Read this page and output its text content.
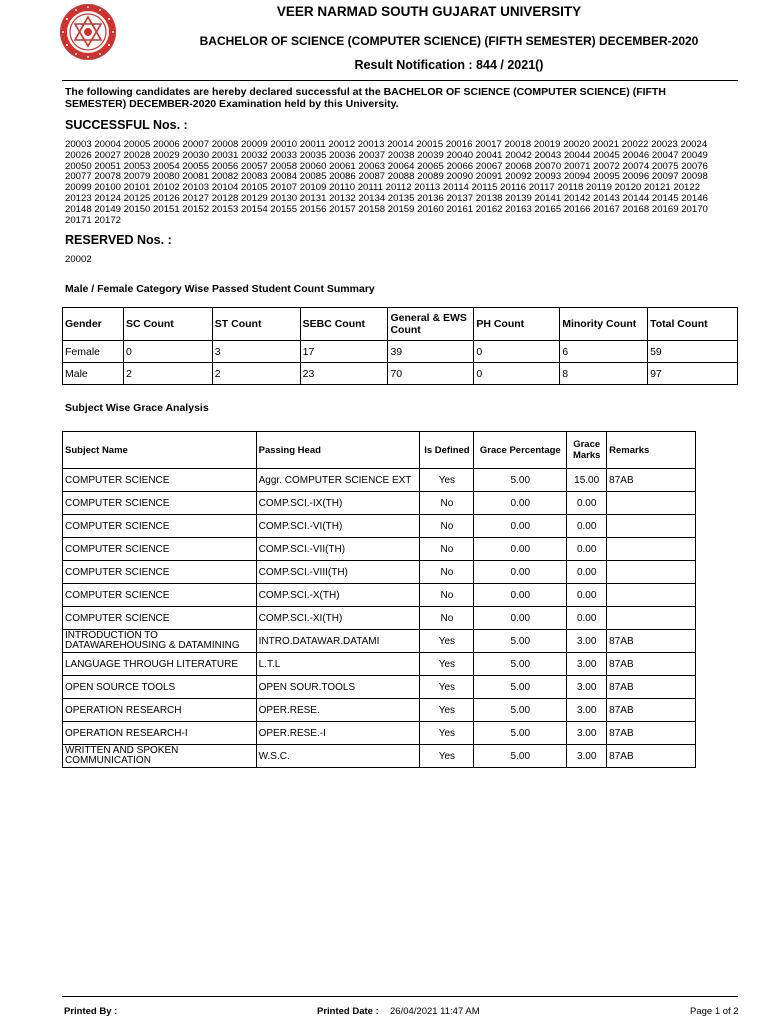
VEER NARMAD SOUTH GUJARAT UNIVERSITY
BACHELOR OF SCIENCE (COMPUTER SCIENCE) (FIFTH SEMESTER) DECEMBER-2020
Result Notification : 844 / 2021()
The following candidates are hereby declared successful at the BACHELOR OF SCIENCE (COMPUTER SCIENCE) (FIFTH SEMESTER) DECEMBER-2020 Examination held by this University.
SUCCESSFUL Nos. :
20003 20004 20005 20006 20007 20008 20009 20010 20011 20012 20013 20014 20015 20016 20017 20018 20019 20020 20021 20022 20023 20024 20026 20027 20028 20029 20030 20031 20032 20033 20035 20036 20037 20038 20039 20040 20041 20042 20043 20044 20045 20046 20047 20049 20050 20051 20053 20054 20055 20056 20057 20058 20060 20061 20063 20064 20065 20066 20067 20068 20070 20071 20072 20074 20075 20076 20077 20078 20079 20080 20081 20082 20083 20084 20085 20086 20087 20088 20089 20090 20091 20092 20093 20094 20095 20096 20097 20098 20099 20100 20101 20102 20103 20104 20105 20107 20109 20110 20111 20112 20113 20114 20115 20116 20117 20118 20119 20120 20121 20122 20123 20124 20125 20126 20127 20128 20129 20130 20131 20132 20134 20135 20136 20137 20138 20139 20141 20142 20143 20144 20145 20146 20148 20149 20150 20151 20152 20153 20154 20155 20156 20157 20158 20159 20160 20161 20162 20163 20165 20166 20167 20168 20169 20170 20171 20172
RESERVED Nos. :
20002
Male / Female Category Wise Passed Student Count Summary
Gender	SC Count	ST Count	SEBC Count	General & EWS Count	PH Count	Minority Count	Total Count
Female	0	3	17	39	0	6	59
Male	2	2	23	70	0	8	97
Subject Wise Grace Analysis
Subject Name	Passing Head	Is Defined	Grace Percentage	Grace Marks	Remarks
COMPUTER SCIENCE	Aggr. COMPUTER SCIENCE EXT	Yes	5.00	15.00	87AB
COMPUTER SCIENCE	COMP.SCI.-IX(TH)	No	0.00	0.00	
COMPUTER SCIENCE	COMP.SCI.-VI(TH)	No	0.00	0.00	
COMPUTER SCIENCE	COMP.SCI.-VII(TH)	No	0.00	0.00	
COMPUTER SCIENCE	COMP.SCI.-VIII(TH)	No	0.00	0.00	
COMPUTER SCIENCE	COMP.SCI.-X(TH)	No	0.00	0.00	
COMPUTER SCIENCE	COMP.SCI.-XI(TH)	No	0.00	0.00	
INTRODUCTION TO DATAWAREHOUSING & DATAMINING	INTRO.DATAWAR.DATAMI	Yes	5.00	3.00	87AB
LANGUAGE THROUGH LITERATURE	L.T.L	Yes	5.00	3.00	87AB
OPEN SOURCE TOOLS	OPEN SOUR.TOOLS	Yes	5.00	3.00	87AB
OPERATION RESEARCH	OPER.RESE.	Yes	5.00	3.00	87AB
OPERATION RESEARCH-I	OPER.RESE.-I	Yes	5.00	3.00	87AB
WRITTEN AND SPOKEN COMMUNICATION	W.S.C.	Yes	5.00	3.00	87AB
Printed By :	Printed Date : 26/04/2021 11:47 AM	Page 1 of 2
